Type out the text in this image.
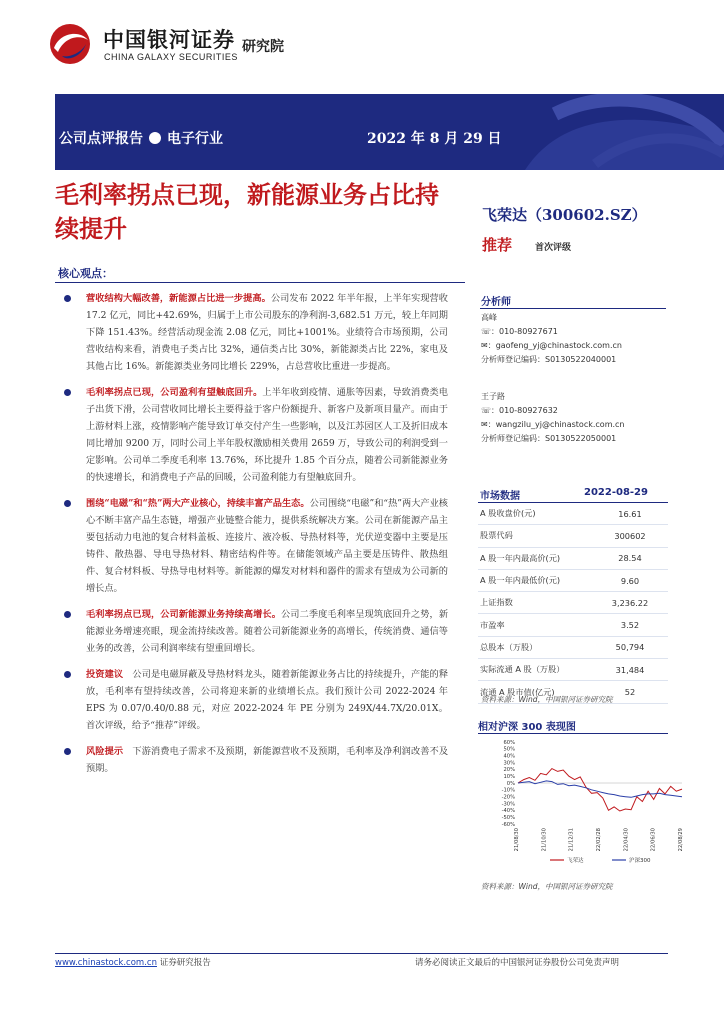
中国银河证券
CHINA GALAXY SECURITIES
研究院
公司点评报告 电子行业	2022 年 8 月 29 日
毛利率拐点已现，新能源业务占比持续提升	飞荣达（300602.SZ）
推荐	首次评级
核心观点：
营收结构大幅改善，新能源占比进一步提高。公司发布 2022 年半年报，上半年实现营收 17.2 亿元，同比+42.69%，归属于上市公司股东的净利润-3,682.51 万元，较上年同期下降 151.43%。经营活动现金流 2.08 亿元，同比+1001%。业绩符合市场预期，公司营收结构来看，消费电子类占比 32%，通信类占比 30%，新能源类占比 22%，家电及其他占比 16%。新能源类业务同比增长 229%，占总营收比重进一步提高。
毛利率拐点已现，公司盈利有望触底回升。上半年收到疫情、通胀等因素，导致消费类电子出货下滑，公司营收同比增长主要得益于客户份额提升、新客户及新项目量产。而由于上游材料上涨，疫情影响产能导致订单交付产生一些影响，以及江苏园区人工及折旧成本同比增加 9200 万，同时公司上半年股权激励相关费用 2659 万，导致公司的利润受到一定影响。公司单二季度毛利率 13.76%，环比提升 1.85 个百分点，随着公司新能源业务的快速增长，和消费电子产品的回暖，公司盈利能力有望触底回升。
围绕“电磁”和“热”两大产业核心，持续丰富产品生态。公司围绕“电磁”和“热”两大产业核心不断丰富产品生态链，增强产业链整合能力，提供系统解决方案。公司在新能源产品主要包括动力电池的复合材料盖板、连接片、液冷板、导热材料等，光伏逆变器中主要是压铸件、散热器、导电导热材料、精密结构件等。在储能领域产品主要是压铸件、散热组件、复合材料板、导热导电材料等。新能源的爆发对材料和器件的需求有望成为公司新的增长点。
毛利率拐点已现，公司新能源业务持续高增长。公司二季度毛利率呈现筑底回升之势，新能源业务增速亮眼，现金流持续改善。随着公司新能源业务的高增长，传统消费、通信等业务的改善，公司利润率续有望重回增长。
投资建议　公司是电磁屏蔽及导热材料龙头，随着新能源业务占比的持续提升，产能的释放，毛利率有望持续改善，公司将迎来新的业绩增长点。我们预计公司 2022-2024 年 EPS 为 0.07/0.40/0.88 元，对应 2022-2024 年 PE 分别为 249X/44.7X/20.01X。首次评级，给予“推荐”评级。
风险提示　下游消费电子需求不及预期，新能源营收不及预期，毛利率及净利润改善不及预期。
分析师
高峰
☏：010-80927671
✉：gaofeng_yj@chinastock.com.cn
分析师登记编码：S0130522040001
王子路
☏：010-80927632
✉：wangzilu_yj@chinastock.com.cn
分析师登记编码：S0130522050001
市场数据	2022-08-29
A 股收盘价(元)	16.61
股票代码	300602
A 股一年内最高价(元)	28.54
A 股一年内最低价(元)	9.60
上证指数	3,236.22
市盈率	3.52
总股本（万股）	50,794
实际流通 A 股（万股）	31,484
流通 A 股市值(亿元)	52
资料来源：Wind，中国银河证券研究院
相对沪深 300 表现图
60%
50%
40%
30%
20%
10%
0%
-10%
-20%
-30%
-40%
-50%
-60%
21/08/30	21/10/30	21/12/31	22/02/28	22/04/30	22/06/30	22/08/29
飞荣达	沪深300
资料来源：Wind，中国银河证券研究院
www.chinastock.com.cn 证券研究报告	请务必阅读正文最后的中国银河证券股份公司免责声明
